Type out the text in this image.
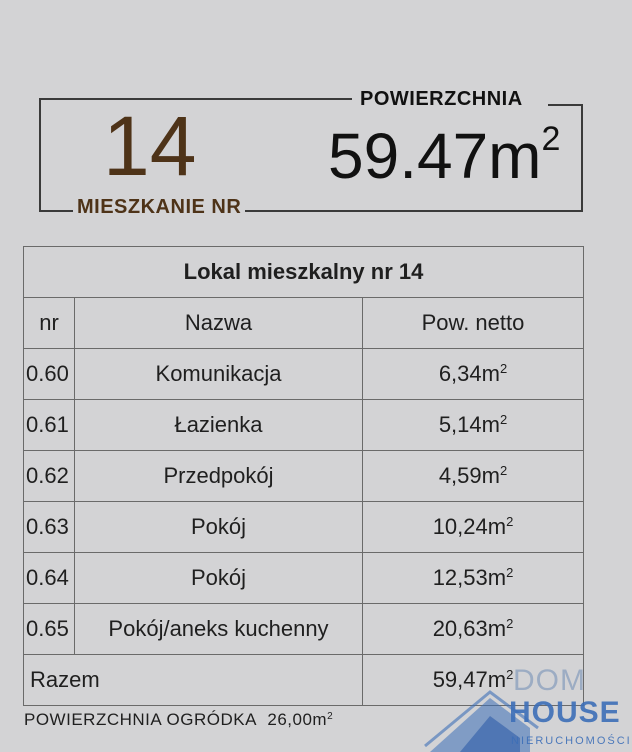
14
MIESZKANIE NR
POWIERZCHNIA
$59.47m^2$
Lokal mieszkalny nr 14		
nr	Nazwa	Pow. netto
0.60	Komunikacja	$6,34m^2$
0.61	Łazienka	$5,14m^2$
0.62	Przedpokój	$4,59m^2$
0.63	Pokój	$10,24m^2$
0.64	Pokój	$12,53m^2$
0.65	Pokój/aneks kuchenny	$20,63m^2$
Razem		$59,47m^2$
POWIERZCHNIA OGRÓDKA $26,00m^2$
DOM
HOUSE
NIERUCHOMOŚCI
